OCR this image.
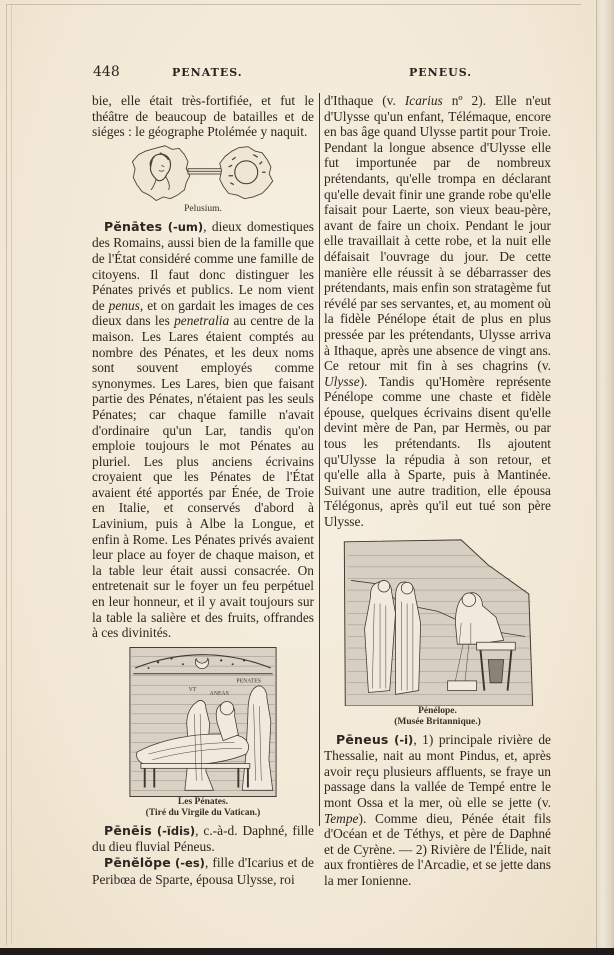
448	PENATES.	PENEUS.

bie, elle était très-fortifiée, et fut le théâtre de beaucoup de batailles et de siéges : le géographe Ptolémée y naquit.

Pelusium.

Pĕnātes (-um), dieux domestiques des Romains, aussi bien de la famille que de l'État considéré comme une famille de citoyens. Il faut donc distinguer les Pénates privés et publics. Le nom vient de penus, et on gardait les images de ces dieux dans les penetralia au centre de la maison. Les Lares étaient comptés au nombre des Pénates, et les deux noms sont souvent employés comme synonymes. Les Lares, bien que faisant partie des Pénates, n'étaient pas les seuls Pénates; car chaque famille n'avait d'ordinaire qu'un Lar, tandis qu'on emploie toujours le mot Pénates au pluriel. Les plus anciens écrivains croyaient que les Pénates de l'État avaient été apportés par Énée, de Troie en Italie, et conservés d'abord à Lavinium, puis à Albe la Longue, et enfin à Rome. Les Pénates privés avaient leur place au foyer de chaque maison, et la table leur était aussi consacrée. On entretenait sur le foyer un feu perpétuel en leur honneur, et il y avait toujours sur la table la salière et des fruits, offrandes à ces divinités.

PENATES
ANEAS
VT
Les Pénates.
(Tiré du Virgile du Vatican.)

Pēnēis (-ĭdis), c.-à-d. Daphné, fille du dieu fluvial Péneus.

Pēnĕlŏpe (-es), fille d'Icarius et de Peribœa de Sparte, épousa Ulysse, roi

d'Ithaque (v. Icarius nº 2). Elle n'eut d'Ulysse qu'un enfant, Télémaque, encore en bas âge quand Ulysse partit pour Troie. Pendant la longue absence d'Ulysse elle fut importunée par de nombreux prétendants, qu'elle trompa en déclarant qu'elle devait finir une grande robe qu'elle faisait pour Laerte, son vieux beau-père, avant de faire un choix. Pendant le jour elle travaillait à cette robe, et la nuit elle défaisait l'ouvrage du jour. De cette manière elle réussit à se débarrasser des prétendants, mais enfin son stratagème fut révélé par ses servantes, et, au moment où la fidèle Pénélope était de plus en plus pressée par les prétendants, Ulysse arriva à Ithaque, après une absence de vingt ans. Ce retour mit fin à ses chagrins (v. Ulysse). Tandis qu'Homère représente Pénélope comme une chaste et fidèle épouse, quelques écrivains disent qu'elle devint mère de Pan, par Hermès, ou par tous les prétendants. Ils ajoutent qu'Ulysse la répudia à son retour, et qu'elle alla à Sparte, puis à Mantinée. Suivant une autre tradition, elle épousa Télégonus, après qu'il eut tué son père Ulysse.

Pénélope.
(Musée Britannique.)

Pēneus (-i), 1) principale rivière de Thessalie, nait au mont Pindus, et, après avoir reçu plusieurs affluents, se fraye un passage dans la vallée de Tempé entre le mont Ossa et la mer, où elle se jette (v. Tempe). Comme dieu, Pénée était fils d'Océan et de Téthys, et père de Daphné et de Cyrène. — 2) Rivière de l'Élide, nait aux frontières de l'Arcadie, et se jette dans la mer Ionienne.
